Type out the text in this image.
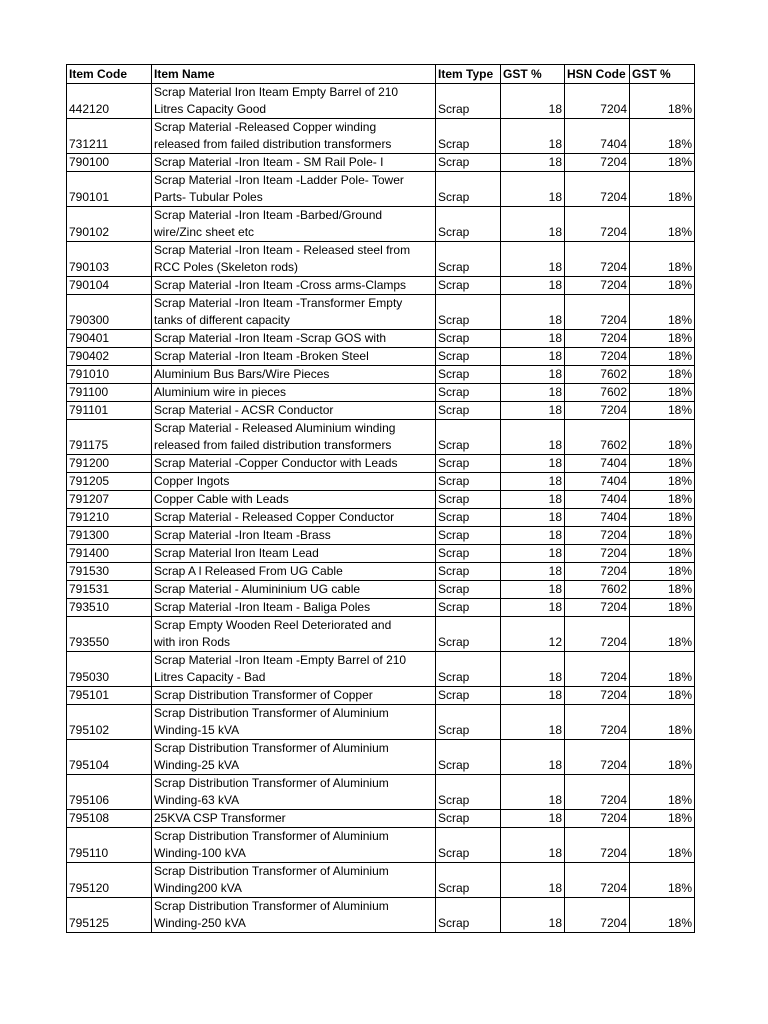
Item Code	Item Name	Item Type	GST %	HSN Code	GST %
442120	Scrap Material Iron Iteam Empty Barrel of 210
Litres Capacity Good	Scrap	18	7204	18%
731211	Scrap Material -Released Copper winding
released from failed distribution transformers	Scrap	18	7404	18%
790100	Scrap Material -Iron Iteam - SM Rail Pole- I	Scrap	18	7204	18%
790101	Scrap Material -Iron Iteam -Ladder Pole- Tower
Parts- Tubular Poles	Scrap	18	7204	18%
790102	Scrap Material -Iron Iteam -Barbed/Ground
wire/Zinc sheet etc	Scrap	18	7204	18%
790103	Scrap Material -Iron Iteam - Released steel from
RCC Poles (Skeleton rods)	Scrap	18	7204	18%
790104	Scrap Material -Iron Iteam -Cross arms-Clamps	Scrap	18	7204	18%
790300	Scrap Material -Iron Iteam -Transformer Empty
tanks of different capacity	Scrap	18	7204	18%
790401	Scrap Material -Iron Iteam -Scrap GOS with	Scrap	18	7204	18%
790402	Scrap Material -Iron Iteam -Broken Steel	Scrap	18	7204	18%
791010	Aluminium Bus Bars/Wire Pieces	Scrap	18	7602	18%
791100	Aluminium wire in pieces	Scrap	18	7602	18%
791101	Scrap Material - ACSR Conductor	Scrap	18	7204	18%
791175	Scrap Material - Released Aluminium winding
released from failed distribution transformers	Scrap	18	7602	18%
791200	Scrap Material -Copper Conductor with Leads	Scrap	18	7404	18%
791205	Copper Ingots	Scrap	18	7404	18%
791207	Copper Cable with Leads	Scrap	18	7404	18%
791210	Scrap Material - Released Copper Conductor	Scrap	18	7404	18%
791300	Scrap Material -Iron Iteam -Brass	Scrap	18	7204	18%
791400	Scrap Material Iron Iteam Lead	Scrap	18	7204	18%
791530	Scrap A l Released From UG Cable	Scrap	18	7204	18%
791531	Scrap Material - Alumininium UG cable	Scrap	18	7602	18%
793510	Scrap Material -Iron Iteam - Baliga Poles	Scrap	18	7204	18%
793550	Scrap Empty Wooden Reel Deteriorated and
with iron Rods	Scrap	12	7204	18%
795030	Scrap Material -Iron Iteam -Empty Barrel of 210
Litres Capacity - Bad	Scrap	18	7204	18%
795101	Scrap Distribution Transformer of Copper	Scrap	18	7204	18%
795102	Scrap Distribution Transformer of Aluminium
Winding-15 kVA	Scrap	18	7204	18%
795104	Scrap Distribution Transformer of Aluminium
Winding-25 kVA	Scrap	18	7204	18%
795106	Scrap Distribution Transformer of Aluminium
Winding-63 kVA	Scrap	18	7204	18%
795108	25KVA CSP Transformer	Scrap	18	7204	18%
795110	Scrap Distribution Transformer of Aluminium
Winding-100 kVA	Scrap	18	7204	18%
795120	Scrap Distribution Transformer of Aluminium
Winding200 kVA	Scrap	18	7204	18%
795125	Scrap Distribution Transformer of Aluminium
Winding-250 kVA	Scrap	18	7204	18%
